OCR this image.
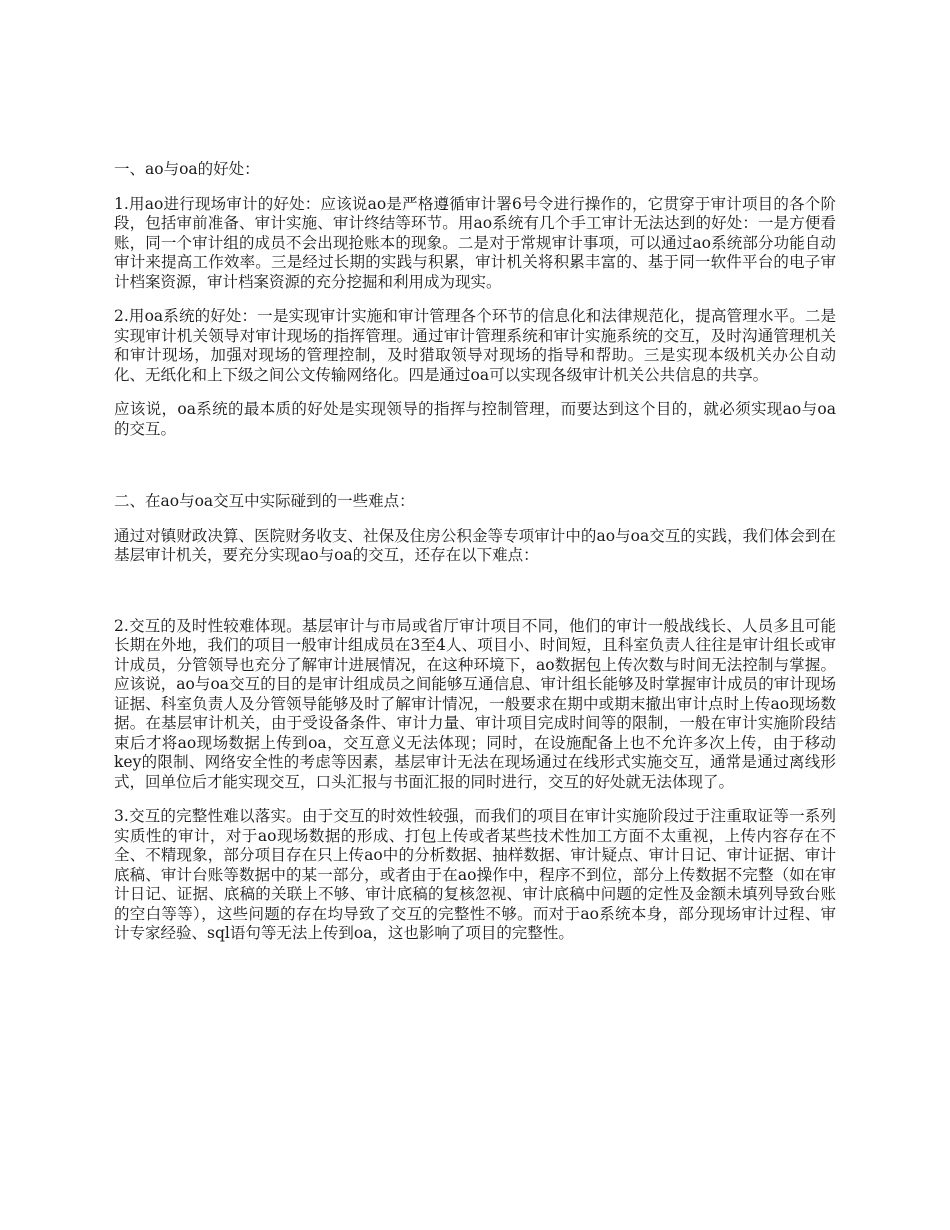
一、ao与oa的好处：

1.用ao进行现场审计的好处：应该说ao是严格遵循审计署6号令进行操作的，它贯穿于审计项目的各个阶段，包括审前准备、审计实施、审计终结等环节。用ao系统有几个手工审计无法达到的好处：一是方便看账，同一个审计组的成员不会出现抢账本的现象。二是对于常规审计事项，可以通过ao系统部分功能自动审计来提高工作效率。三是经过长期的实践与积累，审计机关将积累丰富的、基于同一软件平台的电子审计档案资源，审计档案资源的充分挖掘和利用成为现实。

2.用oa系统的好处：一是实现审计实施和审计管理各个环节的信息化和法律规范化，提高管理水平。二是实现审计机关领导对审计现场的指挥管理。通过审计管理系统和审计实施系统的交互，及时沟通管理机关和审计现场，加强对现场的管理控制，及时猎取领导对现场的指导和帮助。三是实现本级机关办公自动化、无纸化和上下级之间公文传输网络化。四是通过oa可以实现各级审计机关公共信息的共享。

应该说，oa系统的最本质的好处是实现领导的指挥与控制管理，而要达到这个目的，就必须实现ao与oa的交互。

二、在ao与oa交互中实际碰到的一些难点：

通过对镇财政决算、医院财务收支、社保及住房公积金等专项审计中的ao与oa交互的实践，我们体会到在基层审计机关，要充分实现ao与oa的交互，还存在以下难点：

2.交互的及时性较难体现。基层审计与市局或省厅审计项目不同，他们的审计一般战线长、人员多且可能长期在外地，我们的项目一般审计组成员在3至4人、项目小、时间短，且科室负责人往往是审计组长或审计成员，分管领导也充分了解审计进展情况，在这种环境下，ao数据包上传次数与时间无法控制与掌握。应该说，ao与oa交互的目的是审计组成员之间能够互通信息、审计组长能够及时掌握审计成员的审计现场证据、科室负责人及分管领导能够及时了解审计情况，一般要求在期中或期末撤出审计点时上传ao现场数据。在基层审计机关，由于受设备条件、审计力量、审计项目完成时间等的限制，一般在审计实施阶段结束后才将ao现场数据上传到oa，交互意义无法体现；同时，在设施配备上也不允许多次上传，由于移动key的限制、网络安全性的考虑等因素，基层审计无法在现场通过在线形式实施交互，通常是通过离线形式，回单位后才能实现交互，口头汇报与书面汇报的同时进行，交互的好处就无法体现了。

3.交互的完整性难以落实。由于交互的时效性较强，而我们的项目在审计实施阶段过于注重取证等一系列实质性的审计，对于ao现场数据的形成、打包上传或者某些技术性加工方面不太重视，上传内容存在不全、不精现象，部分项目存在只上传ao中的分析数据、抽样数据、审计疑点、审计日记、审计证据、审计底稿、审计台账等数据中的某一部分，或者由于在ao操作中，程序不到位，部分上传数据不完整（如在审计日记、证据、底稿的关联上不够、审计底稿的复核忽视、审计底稿中问题的定性及金额未填列导致台账的空白等等），这些问题的存在均导致了交互的完整性不够。而对于ao系统本身，部分现场审计过程、审计专家经验、sql语句等无法上传到oa，这也影响了项目的完整性。
